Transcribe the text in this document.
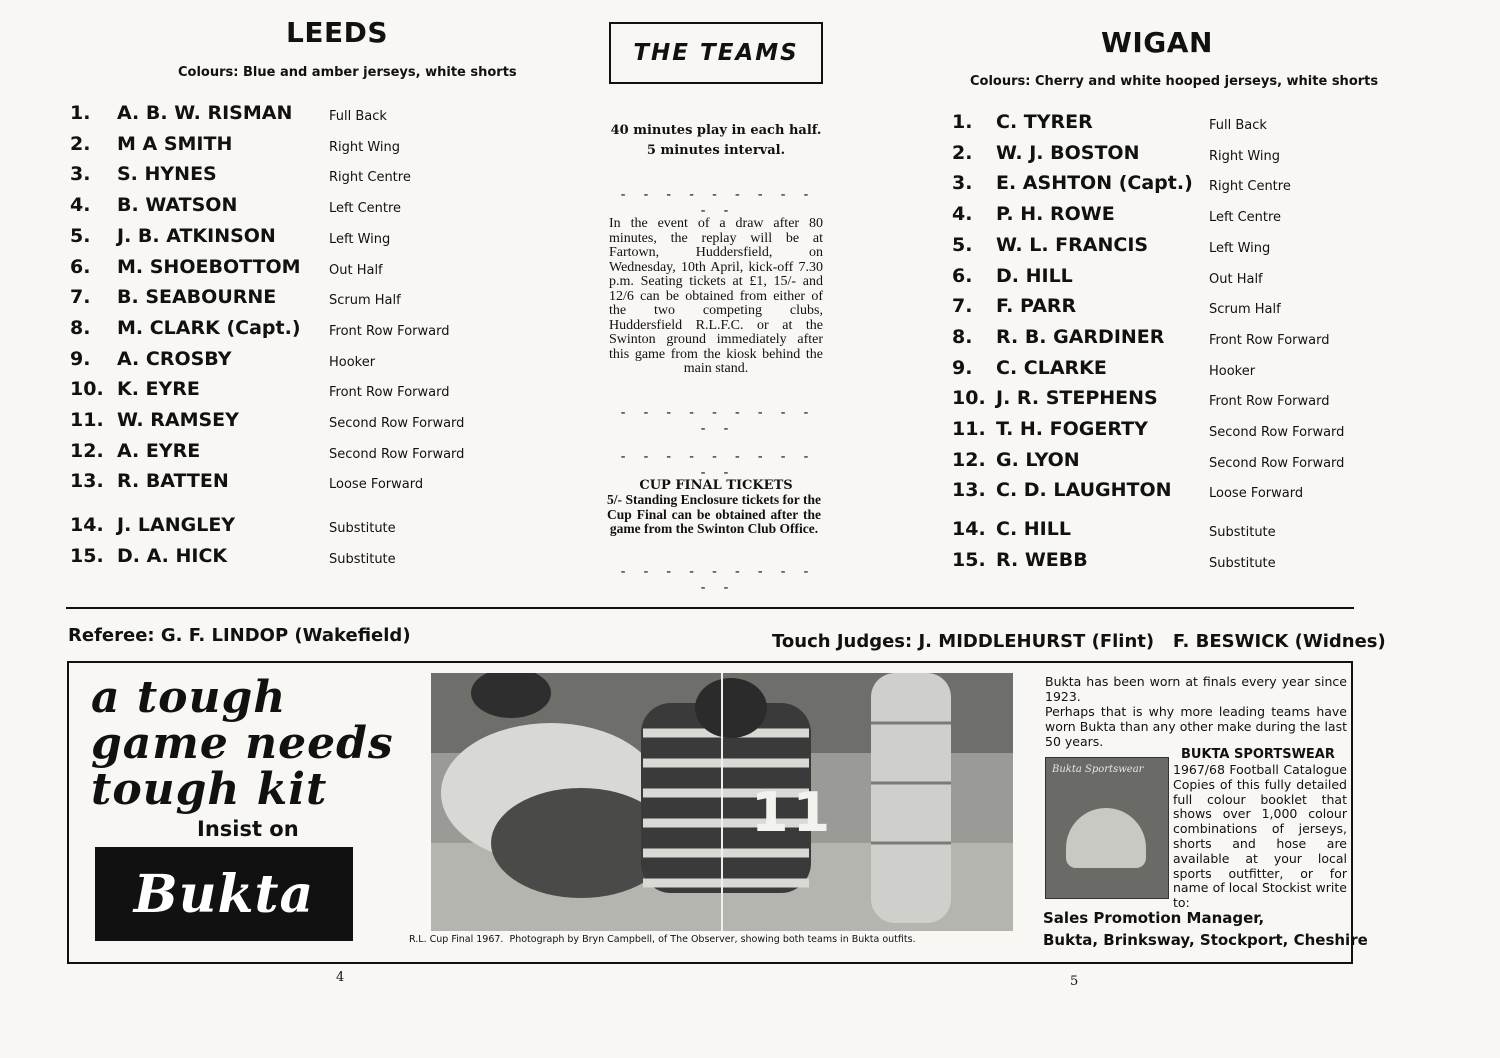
LEEDS
Colours: Blue and amber jerseys, white shorts
1.	A. B. W. RISMAN	Full Back
2.	M A SMITH	Right Wing
3.	S. HYNES	Right Centre
4.	B. WATSON	Left Centre
5.	J. B. ATKINSON	Left Wing
6.	M. SHOEBOTTOM Out Half
7.	B. SEABOURNE	Scrum Half
8.	M. CLARK (Capt.) Front Row Forward
9.	A. CROSBY	Hooker
10. K. EYRE	Front Row Forward
11. W. RAMSEY	Second Row Forward
12. A. EYRE	Second Row Forward
13. R. BATTEN	Loose Forward
14. J. LANGLEY	Substitute
15. D. A. HICK	Substitute
THE TEAMS
40 minutes play in each half.
5 minutes interval.
- - - - - - - - - - -
In the event of a draw after 80 minutes, the replay will be at Fartown, Huddersfield, on Wednesday, 10th April, kick-off 7.30 p.m. Seating tickets at £1, 15/- and 12/6 can be obtained from either of the two competing clubs, Huddersfield R.L.F.C. or at the Swinton ground immediately after this game from the kiosk behind the main stand.
- - - - - - - - - - -
- - - - - - - - - - -
CUP FINAL TICKETS
5/- Standing Enclosure tickets for the Cup Final can be obtained after the game from the Swinton Club Office.
- - - - - - - - - - -
WIGAN
Colours: Cherry and white hooped jerseys, white shorts
1.	C. TYRER	Full Back
2.	W. J. BOSTON	Right Wing
3.	E. ASHTON (Capt.) Right Centre
4.	P. H. ROWE	Left Centre
5.	W. L. FRANCIS	Left Wing
6.	D. HILL	Out Half
7.	F. PARR	Scrum Half
8.	R. B. GARDINER	Front Row Forward
9.	C. CLARKE	Hooker
10. J. R. STEPHENS	Front Row Forward
11. T. H. FOGERTY	Second Row Forward
12. G. LYON	Second Row Forward
13. C. D. LAUGHTON	Loose Forward
14. C. HILL	Substitute
15. R. WEBB	Substitute
Referee: G. F. LINDOP (Wakefield)	Touch Judges: J. MIDDLEHURST (Flint)   F. BESWICK (Widnes)
a tough
game needs
tough kit
Insist on
Bukta
11
R.L. Cup Final 1967.  Photograph by Bryn Campbell, of The Observer, showing both teams in Bukta outfits.
Bukta has been worn at finals every year since 1923.
Perhaps that is why more leading teams have worn Bukta than any other make during the last 50 years.
Bukta Sportswear
BUKTA SPORTSWEAR
1967/68 Football Catalogue Copies of this fully detailed full colour booklet that shows over 1,000 colour combinations of jerseys, shorts and hose are available at your local sports outfitter, or for name of local Stockist write to:
Sales Promotion Manager,
Bukta, Brinksway, Stockport, Cheshire
4	5
